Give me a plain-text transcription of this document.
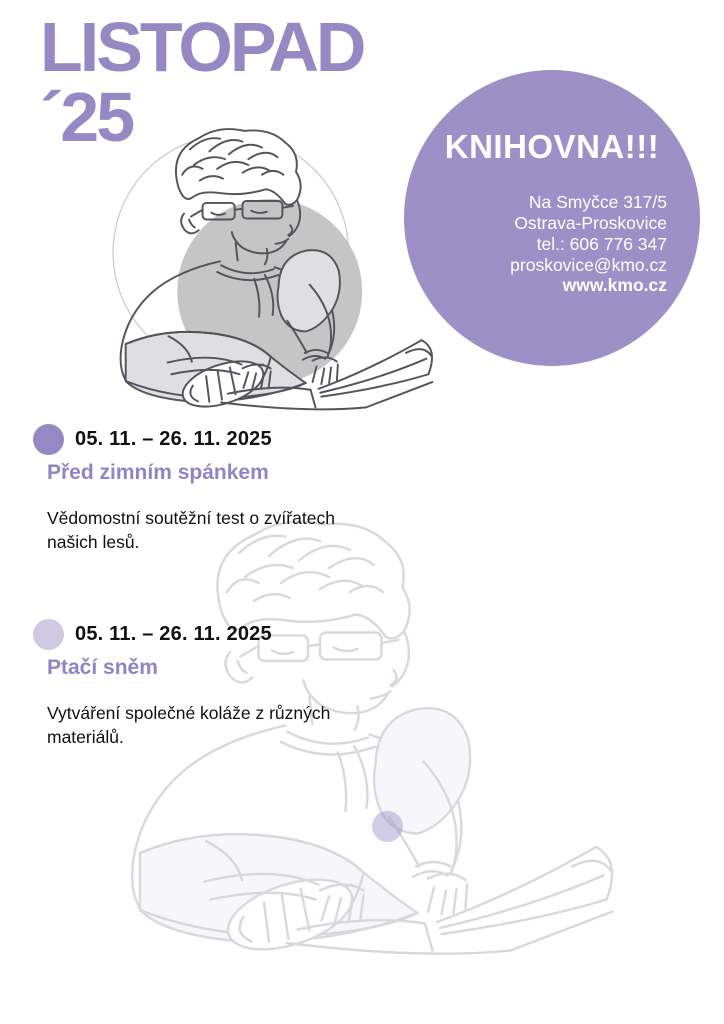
LISTOPAD
´25	KNIHOVNA!!!
Na Smyčce 317/5
Ostrava-Proskovice
tel.: 606 776 347
proskovice@kmo.cz
www.kmo.cz
05. 11. – 26. 11. 2025
Před zimním spánkem

Vědomostní soutěžní test o zvířatech našich lesů.

05. 11. – 26. 11. 2025
Ptačí sněm

Vytváření společné koláže z různých materiálů.
